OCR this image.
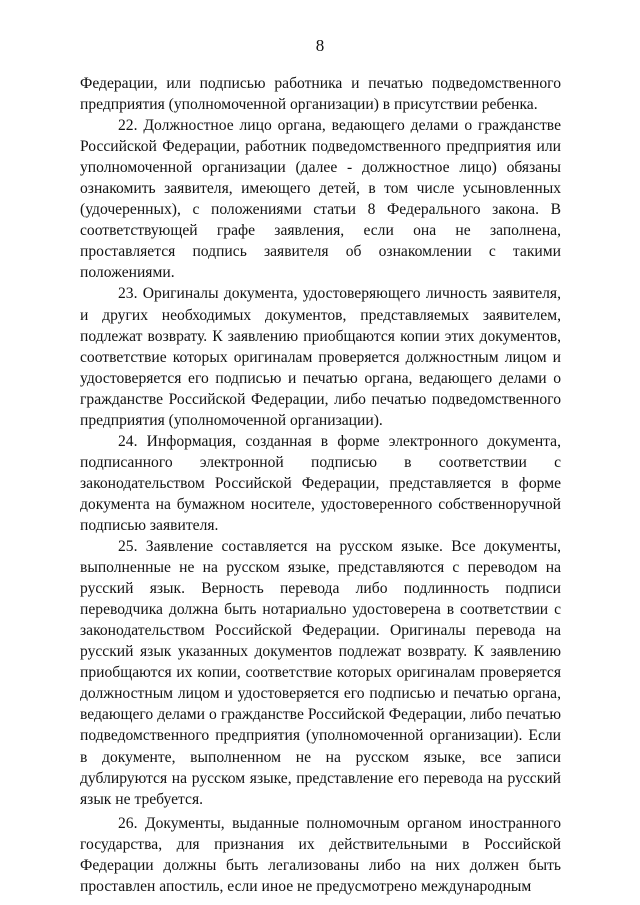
8

Федерации, или подписью работника и печатью подведомственного предприятия (уполномоченной организации) в присутствии ребенка.

22. Должностное лицо органа, ведающего делами о гражданстве Российской Федерации, работник подведомственного предприятия или уполномоченной организации (далее - должностное лицо) обязаны ознакомить заявителя, имеющего детей, в том числе усыновленных (удочеренных), с положениями статьи 8 Федерального закона. В соответствующей графе заявления, если она не заполнена, проставляется подпись заявителя об ознакомлении с такими положениями.

23. Оригиналы документа, удостоверяющего личность заявителя, и других необходимых документов, представляемых заявителем, подлежат возврату. К заявлению приобщаются копии этих документов, соответствие которых оригиналам проверяется должностным лицом и удостоверяется его подписью и печатью органа, ведающего делами о гражданстве Российской Федерации, либо печатью подведомственного предприятия (уполномоченной организации).

24. Информация, созданная в форме электронного документа, подписанного электронной подписью в соответствии с законодательством Российской Федерации, представляется в форме документа на бумажном носителе, удостоверенного собственноручной подписью заявителя.

25. Заявление составляется на русском языке. Все документы, выполненные не на русском языке, представляются с переводом на русский язык. Верность перевода либо подлинность подписи переводчика должна быть нотариально удостоверена в соответствии с законодательством Российской Федерации. Оригиналы перевода на русский язык указанных документов подлежат возврату. К заявлению приобщаются их копии, соответствие которых оригиналам проверяется должностным лицом и удостоверяется его подписью и печатью органа, ведающего делами о гражданстве Российской Федерации, либо печатью подведомственного предприятия (уполномоченной организации). Если в документе, выполненном не на русском языке, все записи дублируются на русском языке, представление его перевода на русский язык не требуется.

26. Документы, выданные полномочным органом иностранного государства, для признания их действительными в Российской Федерации должны быть легализованы либо на них должен быть проставлен апостиль, если иное не предусмотрено международным
